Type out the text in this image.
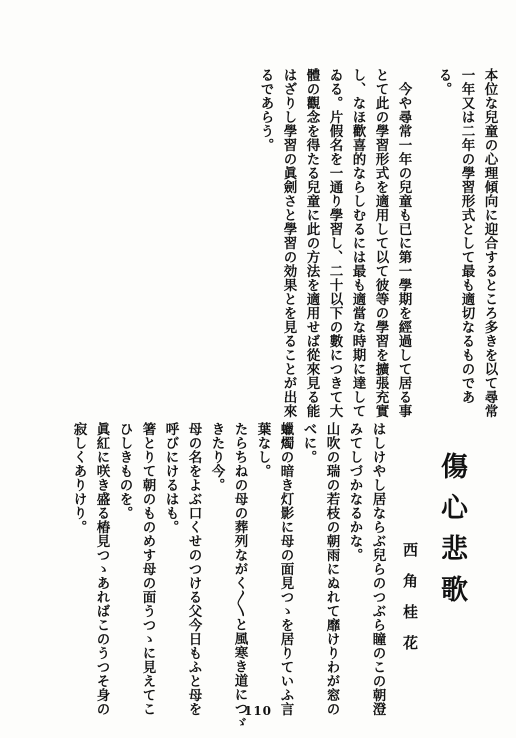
本位な兒童の心理傾向に迎合するところ多きを以て尋常
一年又は二年の學習形式として最も適切なるものであ
る。
　今や尋常一年の兒童も已に第一學期を經過して居る事
とて此の學習形式を適用して以て彼等の學習を擴張充實
し、なほ歡喜的ならしむるには最も適當な時期に達して
ゐる。片假名を一通り學習し、二十以下の數につきて大
體の觀念を得たる兒童に此の方法を適用せば從來見る能
はざりし學習の眞劍さと學習の効果とを見ることが出來
るであらう。
傷心悲歌
西角桂花
はしけやし居ならぶ兒らのつぶら瞳のこの朝澄
みてしづかなるかな。
山吹の瑞の若枝の朝雨にぬれて靡けりわが窓の
べに。
蠟燭の暗き灯影に母の面見つゝを居りていふ言
葉なし。
たらちねの母の葬列ながく〳〵と風寒き道につゞ
きたり今。
母の名をよぶ口くせのつける父今日もふと母を
呼びにけるはも。
箸とりて朝のものめす母の面うつゝに見えてこ
ひしきものを。
眞紅に咲き盛る椿見つゝあればこのうつそ身の
寂しくありけり。
110
